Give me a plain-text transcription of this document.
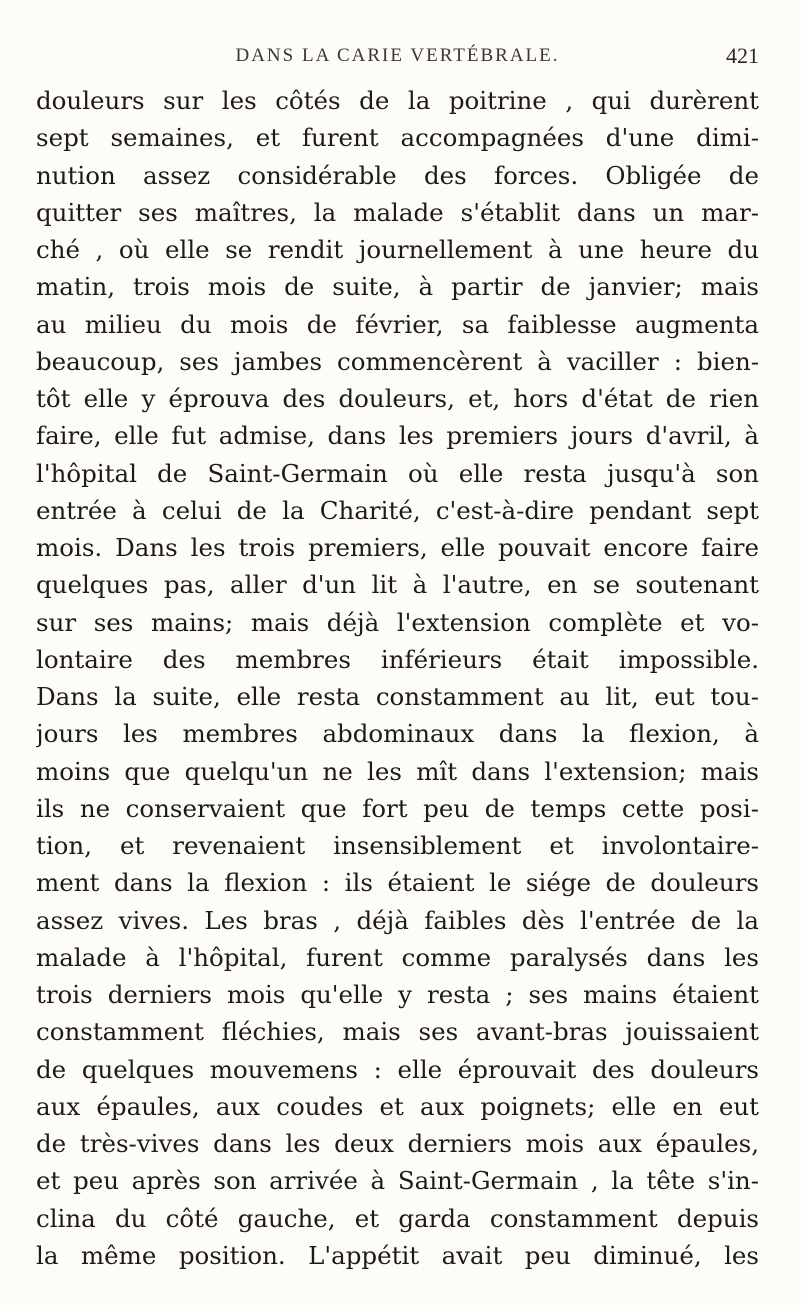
DANS LA CARIE VERTÉBRALE.	421
douleurs sur les côtés de la poitrine , qui durèrent
sept semaines, et furent accompagnées d'une dimi-
nution assez considérable des forces. Obligée de
quitter ses maîtres, la malade s'établit dans un mar-
ché , où elle se rendit journellement à une heure du
matin, trois mois de suite, à partir de janvier; mais
au milieu du mois de février, sa faiblesse augmenta
beaucoup, ses jambes commencèrent à vaciller : bien-
tôt elle y éprouva des douleurs, et, hors d'état de rien
faire, elle fut admise, dans les premiers jours d'avril, à
l'hôpital de Saint-Germain où elle resta jusqu'à son
entrée à celui de la Charité, c'est-à-dire pendant sept
mois. Dans les trois premiers, elle pouvait encore faire
quelques pas, aller d'un lit à l'autre, en se soutenant
sur ses mains; mais déjà l'extension complète et vo-
lontaire des membres inférieurs était impossible.
Dans la suite, elle resta constamment au lit, eut tou-
jours les membres abdominaux dans la flexion, à
moins que quelqu'un ne les mît dans l'extension; mais
ils ne conservaient que fort peu de temps cette posi-
tion, et revenaient insensiblement et involontaire-
ment dans la flexion : ils étaient le siége de douleurs
assez vives. Les bras , déjà faibles dès l'entrée de la
malade à l'hôpital, furent comme paralysés dans les
trois derniers mois qu'elle y resta ; ses mains étaient
constamment fléchies, mais ses avant-bras jouissaient
de quelques mouvemens : elle éprouvait des douleurs
aux épaules, aux coudes et aux poignets; elle en eut
de très-vives dans les deux derniers mois aux épaules,
et peu après son arrivée à Saint-Germain , la tête s'in-
clina du côté gauche, et garda constamment depuis
la même position. L'appétit avait peu diminué, les
